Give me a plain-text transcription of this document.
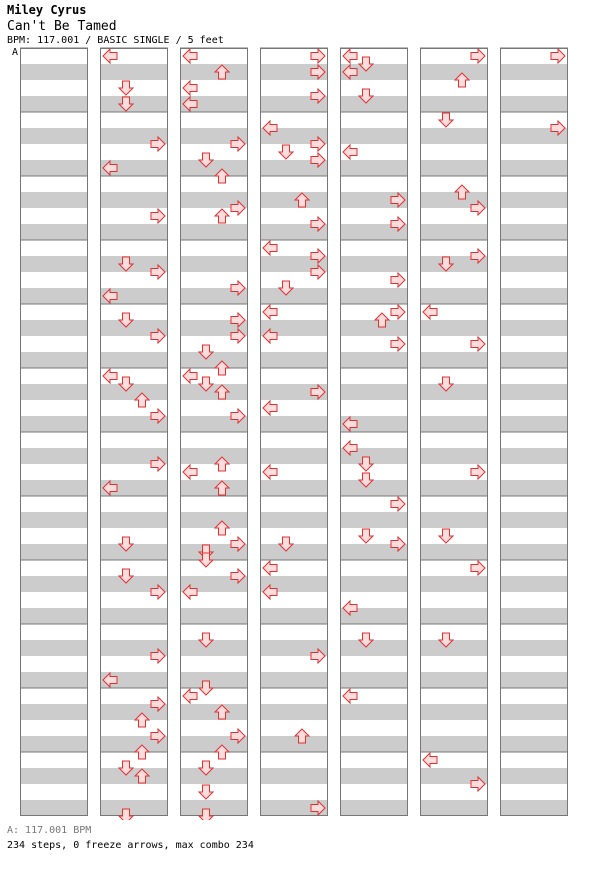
Miley Cyrus
Can't Be Tamed
BPM: 117.001 / BASIC SINGLE / 5 feet
A
A: 117.001 BPM
234 steps, 0 freeze arrows, max combo 234
